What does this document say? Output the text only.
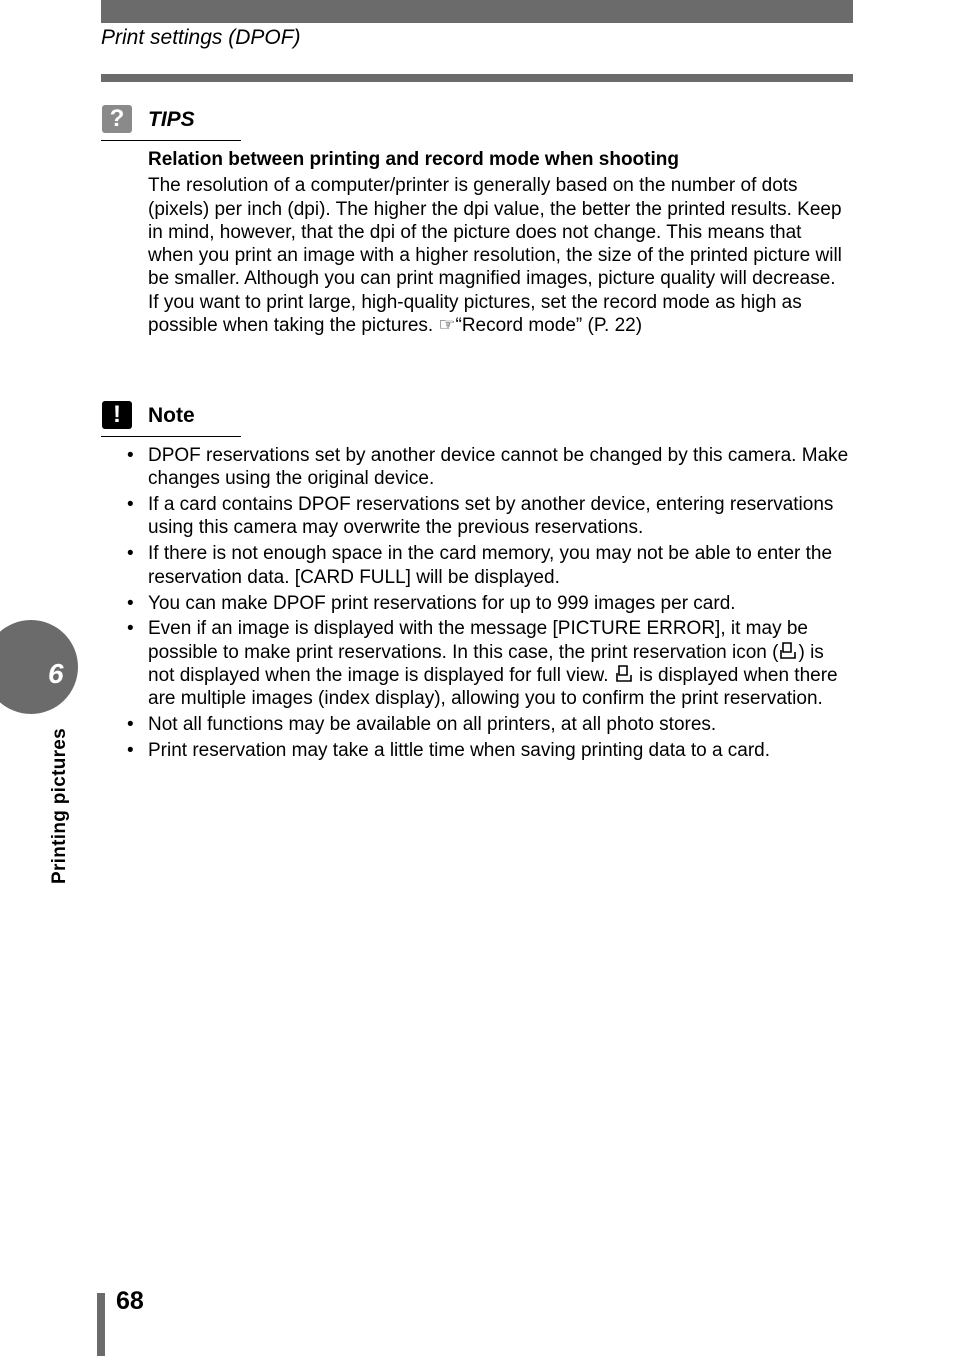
Print settings (DPOF)
?	TIPS
Relation between printing and record mode when shooting

The resolution of a computer/printer is generally based on the number of dots (pixels) per inch (dpi). The higher the dpi value, the better the printed results. Keep in mind, however, that the dpi of the picture does not change. This means that when you print an image with a higher resolution, the size of the printed picture will be smaller. Although you can print magnified images, picture quality will decrease.

If you want to print large, high-quality pictures, set the record mode as high as possible when taking the pictures. ☞“Record mode” (P. 22)

!	Note
• DPOF reservations set by another device cannot be changed by this camera. Make changes using the original device.
• If a card contains DPOF reservations set by another device, entering reservations using this camera may overwrite the previous reservations.
• If there is not enough space in the card memory, you may not be able to enter the reservation data. [CARD FULL] will be displayed.
• You can make DPOF print reservations for up to 999 images per card.
• Even if an image is displayed with the message [PICTURE ERROR], it may be possible to make print reservations. In this case, the print reservation icon ( ) is not displayed when the image is displayed for full view.  is displayed when there are multiple images (index display), allowing you to confirm the print reservation.
• Not all functions may be available on all printers, at all photo stores.
• Print reservation may take a little time when saving printing data to a card.
6
Printing pictures
68
